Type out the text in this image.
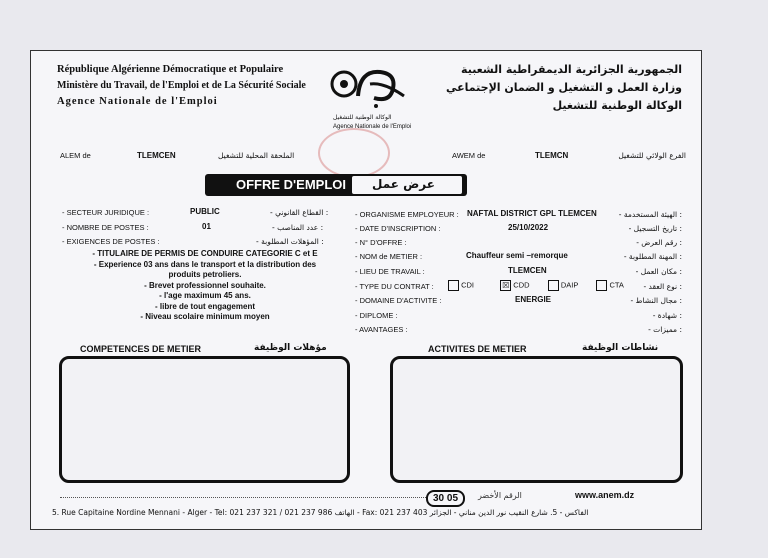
République Algérienne Démocratique et Populaire
Ministère du Travail, de l'Emploi et de La Sécurité Sociale
Agence Nationale de l'Emploi
الجمهورية الجزائرية الديمقراطية الشعبية
وزارة العمل و التشغيل و الضمان الإجتماعي
الوكالة الوطنية للتشغيل
الوكالة الوطنية للتشغيل
Agence Nationale de l'Emploi
ALEM de	TLEMCEN	الملحقة المحلية للتشغيل	AWEM de	TLEMCN	الفرع الولائي للتشغيل
OFFRE D'EMPLOI عرض عمل
- SECTEUR JURIDIQUE :	PUBLIC	- القطاع القانوني :
- NOMBRE DE POSTES :	01	- عدد المناصب :
- EXIGENCES DE POSTES :	- المؤهلات المطلوبة :
- TITULAIRE DE PERMIS DE CONDUIRE CATEGORIE C et E
- Experience 03 ans dans le transport et la distribution des
produits petroliers.
- Brevet professionnel souhaite.
- l'age maximum 45 ans.
- libre de tout engagement
- Niveau scolaire minimum moyen
- ORGANISME EMPLOYEUR : NAFTAL DISTRICT GPL TLEMCEN	- الهيئة المستخدمة :
- DATE D'INSCRIPTION :	25/10/2022	- تاريخ التسجيل :
- N° D'OFFRE :	- رقم العرض :
- NOM de METIER :	Chauffeur semi –remorque	- المهنة المطلوبة :
- LIEU DE TRAVAIL :	TLEMCEN	- مكان العمل :
- TYPE DU CONTRAT :	CDI	☒ CDD	DAIP	CTA	- نوع العقد :
- DOMAINE D'ACTIVITE :	ENERGIE	- مجال النشاط :
- DIPLOME :	- شهادة :
- AVANTAGES :	- مميزات :
COMPETENCES DE METIER	مؤهلات الوظيفة	ACTIVITES DE METIER	نشاطات الوظيفة
30 05	الرقم الأخضر	www.anem.dz
5. Rue Capitaine Nordine Mennani - Alger - Tel: 021 237 321 / 021 237 986 الهاتف - Fax: 021 237 403 الفاكس - 5. شارع النقيب نور الدين مناني - الجزائر
